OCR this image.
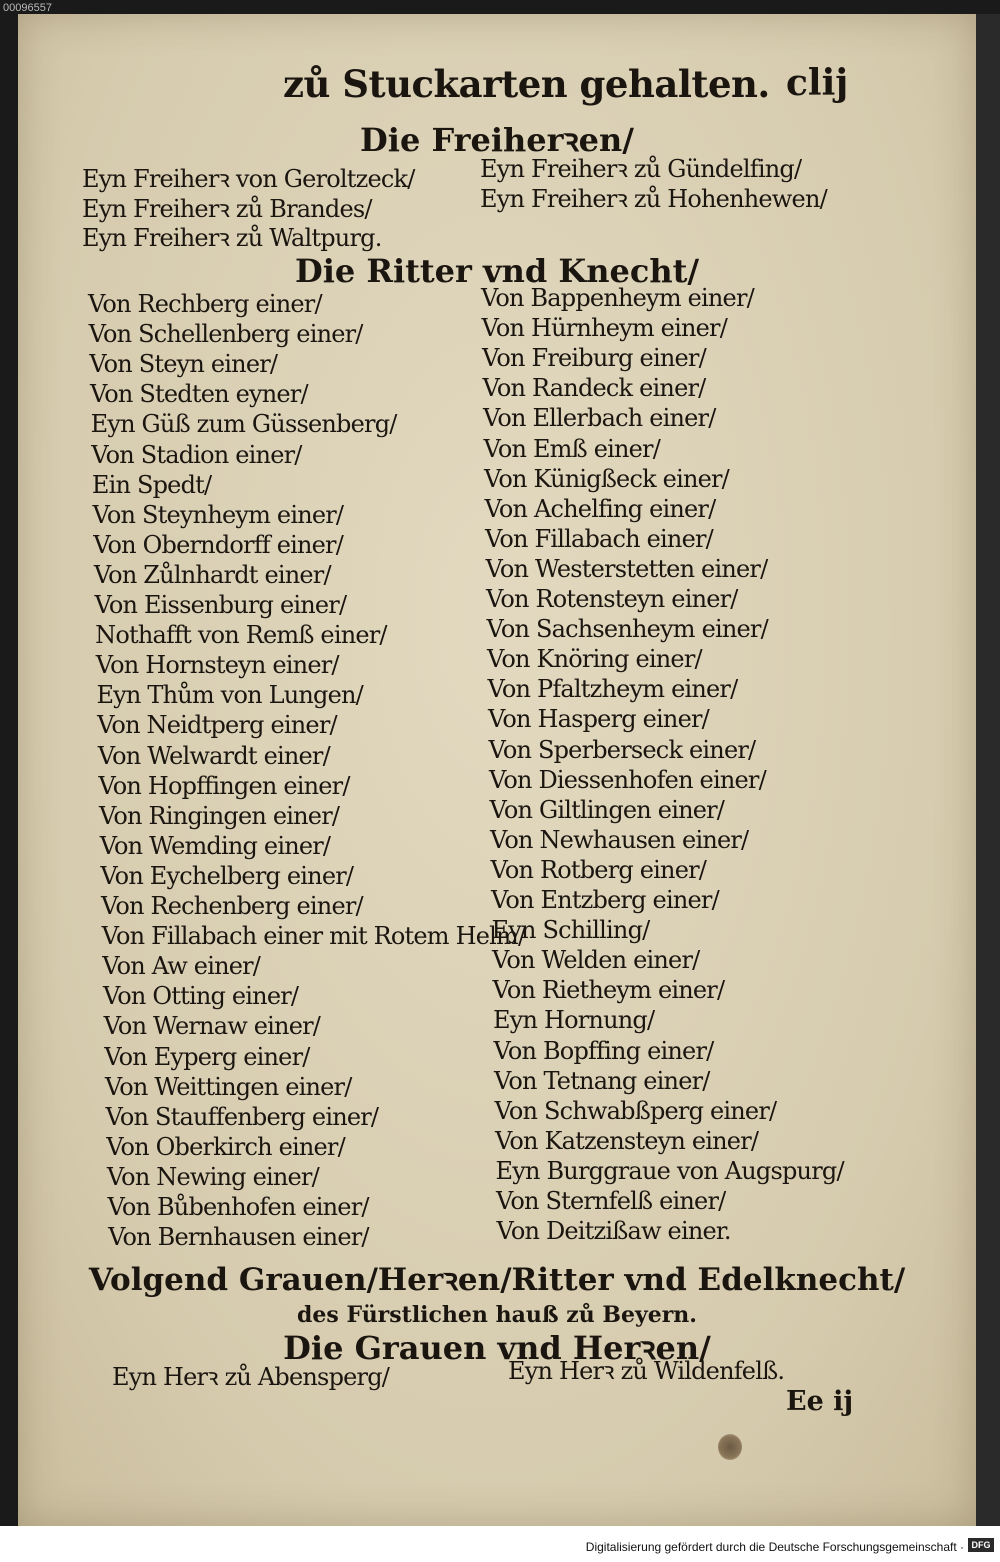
00096557
zů Stuckarten gehalten. clij
Die Freiherꝛen/
Eyn Freiherꝛ von Geroltzeck/
Eyn Freiherꝛ zů Brandes/
Eyn Freiherꝛ zů Waltpurg.
Eyn Freiherꝛ zů Gündelfing/
Eyn Freiherꝛ zů Hohenhewen/
Die Ritter vnd Knecht/
Von Rechberg einer/
Von Schellenberg einer/
Von Steyn einer/
Von Stedten eyner/
Eyn Güß zum Güssenberg/
Von Stadion einer/
Ein Spedt/
Von Steynheym einer/
Von Oberndorff einer/
Von Zůlnhardt einer/
Von Eissenburg einer/
Nothafft von Remß einer/
Von Hornsteyn einer/
Eyn Thům von Lungen/
Von Neidtperg einer/
Von Welwardt einer/
Von Hopffingen einer/
Von Ringingen einer/
Von Wemding einer/
Von Eychelberg einer/
Von Rechenberg einer/
Von Fillabach einer mit Rotem Helm/
Von Aw einer/
Von Otting einer/
Von Wernaw einer/
Von Eyperg einer/
Von Weittingen einer/
Von Stauffenberg einer/
Von Oberkirch einer/
Von Newing einer/
Von Bůbenhofen einer/
Von Bernhausen einer/
Von Bappenheym einer/
Von Hürnheym einer/
Von Freiburg einer/
Von Randeck einer/
Von Ellerbach einer/
Von Emß einer/
Von Künigßeck einer/
Von Achelfing einer/
Von Fillabach einer/
Von Westerstetten einer/
Von Rotensteyn einer/
Von Sachsenheym einer/
Von Knöring einer/
Von Pfaltzheym einer/
Von Hasperg einer/
Von Sperberseck einer/
Von Diessenhofen einer/
Von Giltlingen einer/
Von Newhausen einer/
Von Rotberg einer/
Von Entzberg einer/
Eyn Schilling/
Von Welden einer/
Von Rietheym einer/
Eyn Hornung/
Von Bopffing einer/
Von Tetnang einer/
Von Schwabßperg einer/
Von Katzensteyn einer/
Eyn Burggraue von Augspurg/
Von Sternfelß einer/
Von Deitzißaw einer.
Volgend Grauen/Herꝛen/Ritter vnd Edelknecht/
des Fürstlichen hauß zů Beyern.
Die Grauen vnd Herꝛen/
Eyn Herꝛ zů Abensperg/	Eyn Herꝛ zů Wildenfelß.
Ee ij
Digitalisierung gefördert durch die Deutsche Forschungsgemeinschaft · DFG
